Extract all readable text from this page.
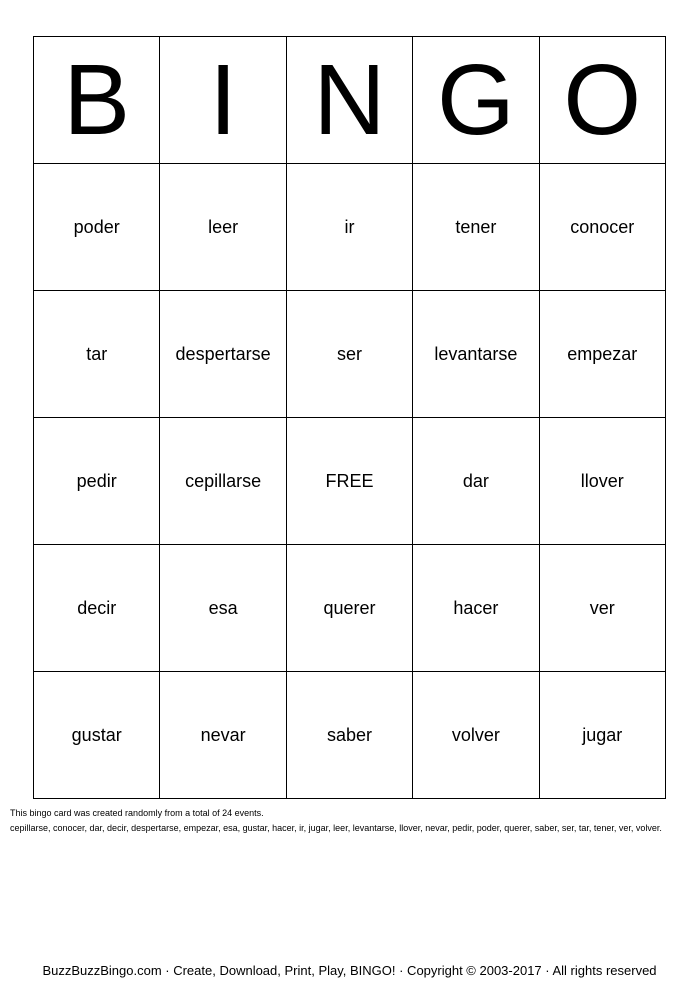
B	I	N	G	O
poder	leer	ir	tener	conocer
tar	despertarse	ser	levantarse	empezar
pedir	cepillarse	FREE	dar	llover
decir	esa	querer	hacer	ver
gustar	nevar	saber	volver	jugar
This bingo card was created randomly from a total of 24 events.
cepillarse, conocer, dar, decir, despertarse, empezar, esa, gustar, hacer, ir, jugar, leer, levantarse, llover, nevar, pedir, poder, querer, saber, ser, tar, tener, ver, volver.
BuzzBuzzBingo.com · Create, Download, Print, Play, BINGO! · Copyright © 2003-2017 · All rights reserved
